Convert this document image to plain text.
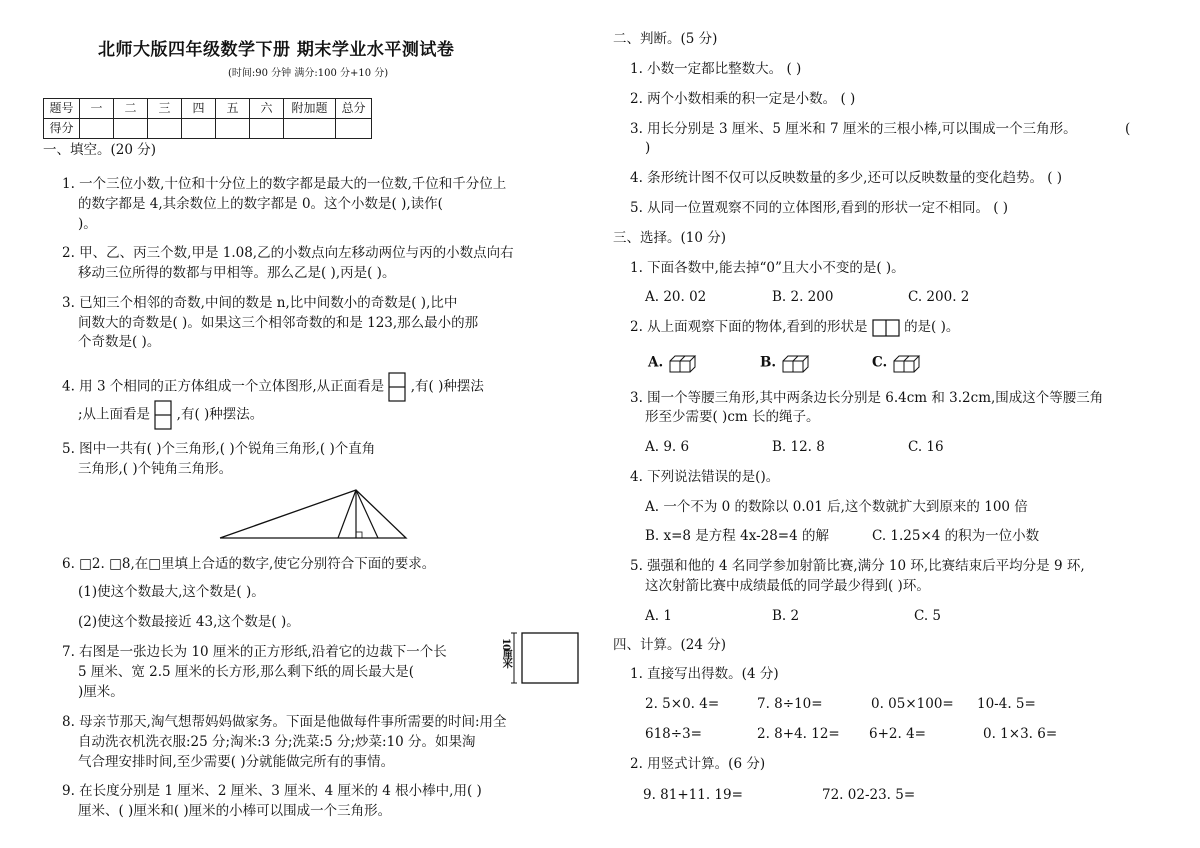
北师大版四年级数学下册 期末学业水平测试卷
(时间:90 分钟 满分:100 分+10 分)
题号	一	二	三	四	五	六	附加题	总分
得分								
一、填空。(20 分)
1. 一个三位小数,十位和十分位上的数字都是最大的一位数,千位和千分位上
的数字都是 4,其余数位上的数字都是 0。这个小数是( ),读作(
)。
2. 甲、乙、丙三个数,甲是 1.08,乙的小数点向左移动两位与丙的小数点向右
移动三位所得的数都与甲相等。那么乙是( ),丙是( )。
3. 已知三个相邻的奇数,中间的数是 n,比中间数小的奇数是( ),比中
间数大的奇数是( )。如果这三个相邻奇数的和是 123,那么最小的那
个奇数是( )。
4. 用 3 个相同的正方体组成一个立体图形,从正面看是 ,有( )种摆法
;从上面看是 ,有( )种摆法。
5. 图中一共有( )个三角形,( )个锐角三角形,( )个直角
三角形,( )个钝角三角形。
6. □2. □8,在□里填上合适的数字,使它分别符合下面的要求。
(1)使这个数最大,这个数是( )。
(2)使这个数最接近 43,这个数是( )。
7. 右图是一张边长为 10 厘米的正方形纸,沿着它的边裁下一个长
5 厘米、宽 2.5 厘米的长方形,那么剩下纸的周长最大是(
)厘米。
10厘米
8. 母亲节那天,淘气想帮妈妈做家务。下面是他做每件事所需要的时间:用全
自动洗衣机洗衣服:25 分;淘米:3 分;洗菜:5 分;炒菜:10 分。如果淘
气合理安排时间,至少需要( )分就能做完所有的事情。
9. 在长度分别是 1 厘米、2 厘米、3 厘米、4 厘米的 4 根小棒中,用( )
厘米、( )厘米和( )厘米的小棒可以围成一个三角形。
二、判断。(5 分)
1. 小数一定都比整数大。 ( )
2. 两个小数相乘的积一定是小数。 ( )
3. 用长分别是 3 厘米、5 厘米和 7 厘米的三根小棒,可以围成一个三角形。	(
)
4. 条形统计图不仅可以反映数量的多少,还可以反映数量的变化趋势。 ( )
5. 从同一位置观察不同的立体图形,看到的形状一定不相同。 ( )
三、选择。(10 分)
1. 下面各数中,能去掉“0”且大小不变的是( )。
A. 20. 02	B. 2. 200	C. 200. 2
2. 从上面观察下面的物体,看到的形状是	的是( )。
A.	B.	C.
3. 围一个等腰三角形,其中两条边长分别是 6.4cm 和 3.2cm,围成这个等腰三角
形至少需要( )cm 长的绳子。
A. 9. 6	B. 12. 8	C. 16
4. 下列说法错误的是()。
A. 一个不为 0 的数除以 0.01 后,这个数就扩大到原来的 100 倍
B. x=8 是方程 4x-28=4 的解	C. 1.25×4 的积为一位小数
5. 强强和他的 4 名同学参加射箭比赛,满分 10 环,比赛结束后平均分是 9 环,
这次射箭比赛中成绩最低的同学最少得到( )环。
A. 1	B. 2	C. 5
四、计算。(24 分)
1. 直接写出得数。(4 分)
2. 5×0. 4=	7. 8÷10=	0. 05×100= 10-4. 5=
618÷3=	2. 8+4. 12= 6+2. 4=	0. 1×3. 6=
2. 用竖式计算。(6 分)
9. 81+11. 19=	72. 02-23. 5=
